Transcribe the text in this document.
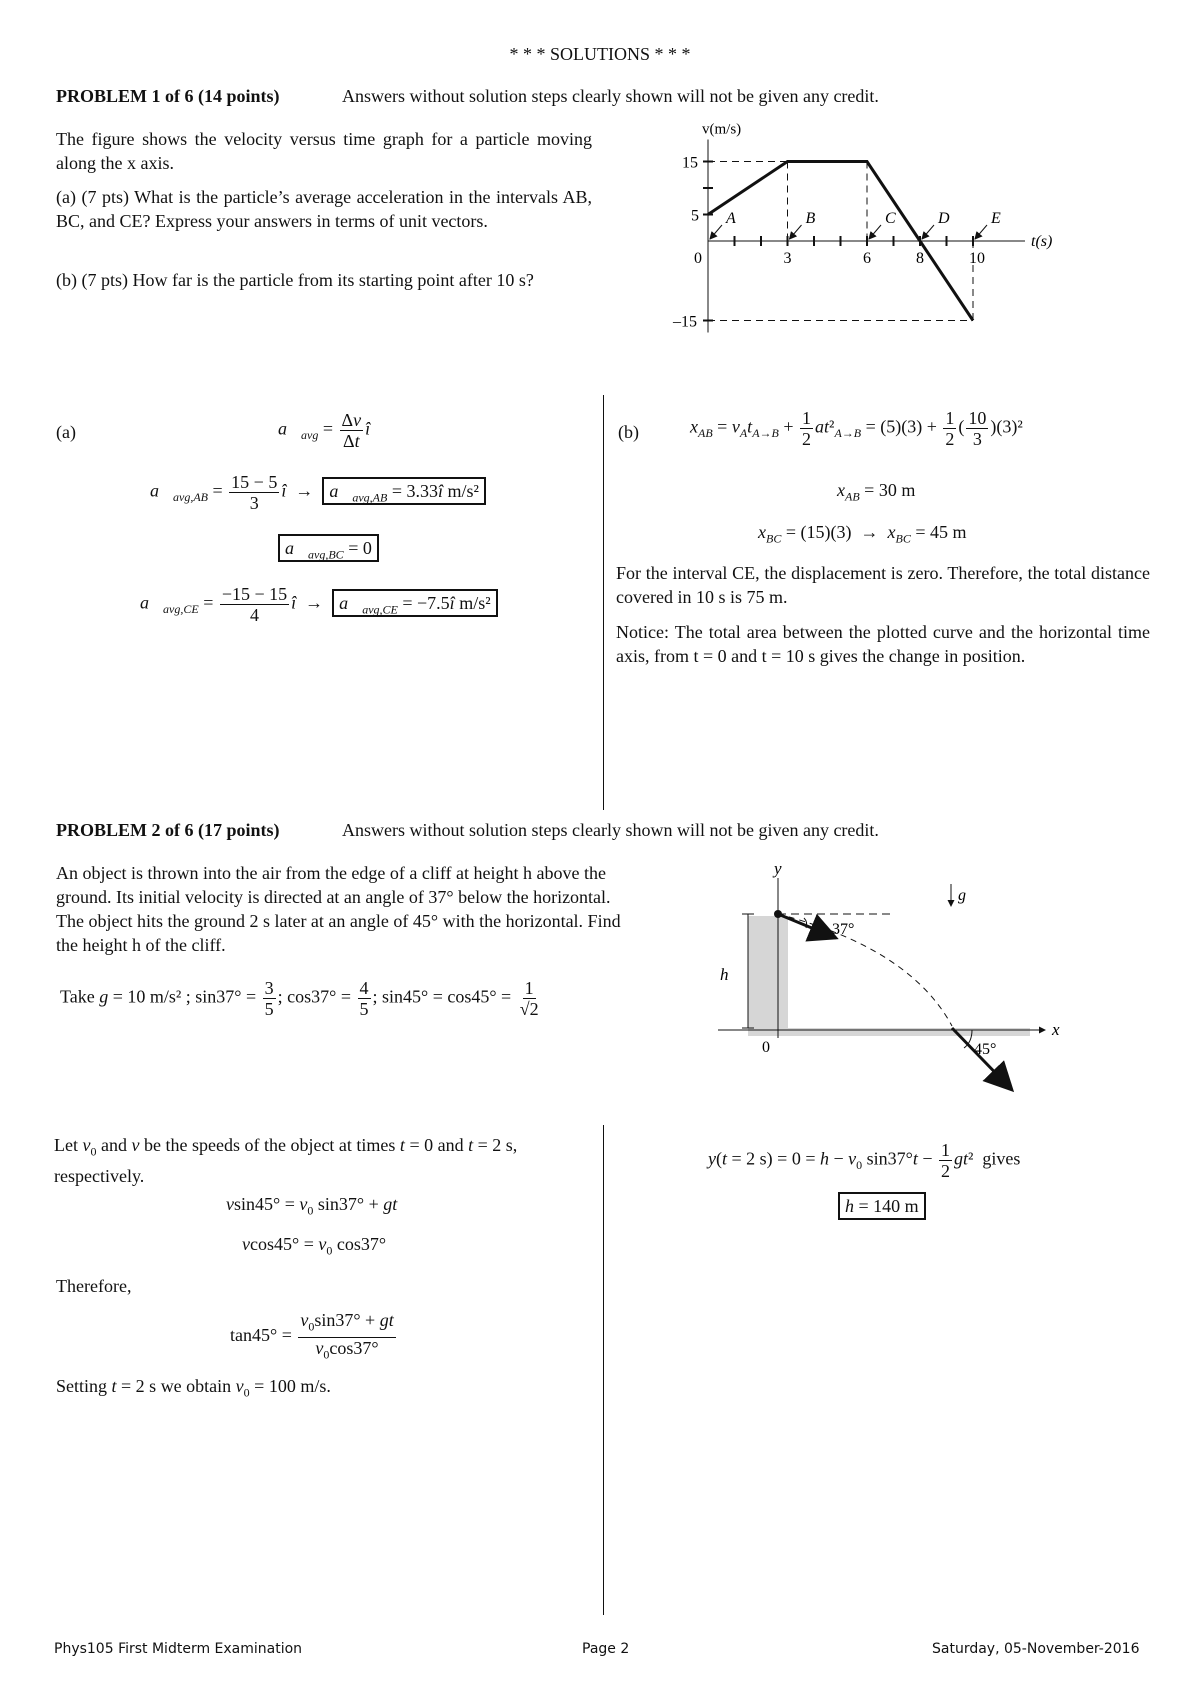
* * * SOLUTIONS * * *
PROBLEM 1 of 6 (14 points)	Answers without solution steps clearly shown will not be given any credit.
The figure shows the velocity versus time graph for a particle moving along the x axis.
(a) (7 pts) What is the particle’s average acceleration in the intervals AB, BC, and CE? Express your answers in terms of unit vectors.
(b) (7 pts) How far is the particle from its starting point after 10 s?
v(m/s)
t(s)
0	3	6	8	10
15
5
–15
A	B	C	D	E
(a)	$a⃗_{avg} = \frac{\Delta v}{\Delta t}$ î
$a⃗_{avg,AB} = \frac{15 - 5}{3}$ î  →  $a⃗_{avg,AB}$ = 3.33î m/s²
$a⃗_{avg,BC} = 0$
$a⃗_{avg,CE} = \frac{-15 - 15}{4}$ î  →  $a⃗_{avg,CE}$ = −7.5î m/s²
(b)	$x_{AB} = v_At_{A\to B} + \frac{1}{2} at^2_{A\to B} = (5)(3) + \frac{1}{2}$ ( $\frac{10}{3} )(3)^2$
$x_{AB} = 30$ m
$x_{BC} = (15)(3) \to x_{BC} = 45$ m
For the interval CE, the displacement is zero. Therefore, the total distance covered in 10 s is 75 m.
Notice: The total area between the plotted curve and the horizontal time axis, from t = 0 and t = 10 s gives the change in position.
PROBLEM 2 of 6 (17 points)	Answers without solution steps clearly shown will not be given any credit.
An object is thrown into the air from the edge of a cliff at height h above the ground. Its initial velocity is directed at an angle of 37° below the horizontal. The object hits the ground 2 s later at an angle of 45° with the horizontal. Find the height h of the cliff.
Take g = 10 m/s² ; $\sin 37^\circ = \frac{3}{5}$ ; $\cos 37^\circ = \frac{4}{5}$ ; $\sin 45^\circ = \cos 45^\circ = \frac{1}{√2}$
y
x
0
h
37°
45°
g⃗
Let $v_0$ and v be the speeds of the object at times t = 0 and t = 2 s, respectively.
$vsin45^\circ = v_0$ sin37° + gt
$vcos45^\circ = v_0$ cos37°
Therefore,
$\tan 45^\circ = \frac{v_0\sin 37^\circ + gt}{v_0\cos 37^\circ}$
Setting t = 2 s we obtain $v_0 = 100$ m/s.
y(t = 2 $s) = 0 = h - v_0$ $\sin 37^\circ t - \frac{1}{2} gt^2$  gives
h = 140 m
Phys105 First Midterm Examination	Page 2	Saturday, 05-November-2016
